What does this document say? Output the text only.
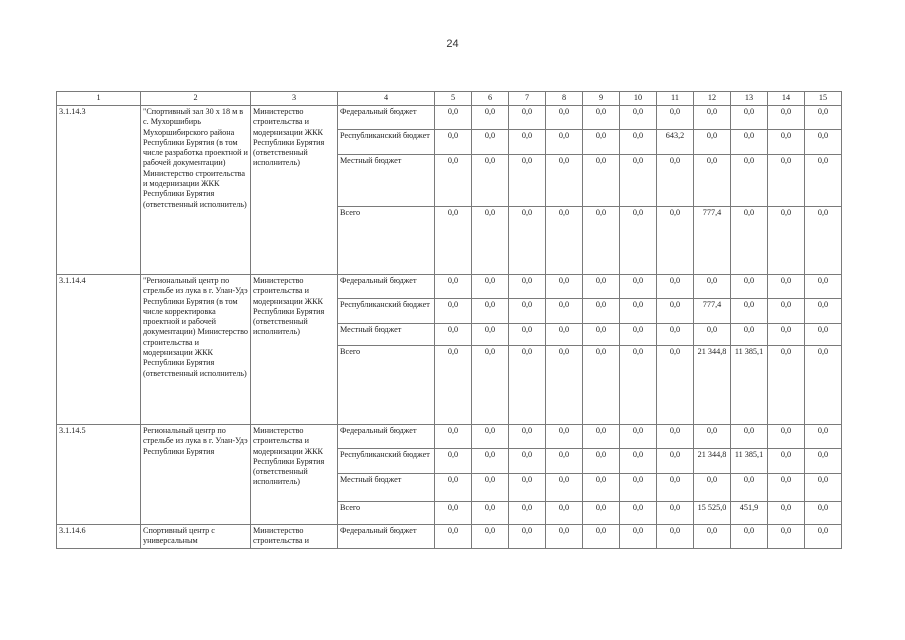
24
1	2	3	4	5	6	7	8	9	10	11	12	13	14	15
3.1.14.3	"Спортивный зал 30 х 18 м в с. Мухоршибирь Мухоршибирского района Республики Бурятия (в том числе разработка проектной и рабочей документации) Министерство строительства и модернизации ЖКК Республики Бурятия (ответственный исполнитель)	Министерство строительства и модернизации ЖКК Республики Бурятия (ответственный исполнитель)	Федеральный бюджет	0,0	0,0	0,0	0,0	0,0	0,0	0,0	0,0	0,0	0,0	0,0
			Республиканский бюджет	0,0	0,0	0,0	0,0	0,0	0,0	643,2	0,0	0,0	0,0	0,0
			Местный бюджет	0,0	0,0	0,0	0,0	0,0	0,0	0,0	0,0	0,0	0,0	0,0
			Всего	0,0	0,0	0,0	0,0	0,0	0,0	0,0	777,4	0,0	0,0	0,0
3.1.14.4	"Региональный центр по стрельбе из лука в г. Улан-Удэ Республики Бурятия (в том числе корректировка проектной и рабочей документации) Министерство строительства и модернизации ЖКК Республики Бурятия (ответственный исполнитель)	Министерство строительства и модернизации ЖКК Республики Бурятия (ответственный исполнитель)	Федеральный бюджет	0,0	0,0	0,0	0,0	0,0	0,0	0,0	0,0	0,0	0,0	0,0
			Республиканский бюджет	0,0	0,0	0,0	0,0	0,0	0,0	0,0	777,4	0,0	0,0	0,0
			Местный бюджет	0,0	0,0	0,0	0,0	0,0	0,0	0,0	0,0	0,0	0,0	0,0
			Всего	0,0	0,0	0,0	0,0	0,0	0,0	0,0	21 344,8	11 385,1	0,0	0,0
3.1.14.5	Региональный центр по стрельбе из лука в г. Улан-Удэ Республики Бурятия	Министерство строительства и модернизации ЖКК Республики Бурятия (ответственный исполнитель)	Федеральный бюджет	0,0	0,0	0,0	0,0	0,0	0,0	0,0	0,0	0,0	0,0	0,0
			Республиканский бюджет	0,0	0,0	0,0	0,0	0,0	0,0	0,0	21 344,8	11 385,1	0,0	0,0
			Местный бюджет	0,0	0,0	0,0	0,0	0,0	0,0	0,0	0,0	0,0	0,0	0,0
			Всего	0,0	0,0	0,0	0,0	0,0	0,0	0,0	15 525,0	451,9	0,0	0,0
3.1.14.6	Спортивный центр с универсальным	Министерство строительства и	Федеральный бюджет	0,0	0,0	0,0	0,0	0,0	0,0	0,0	0,0	0,0	0,0	0,0
